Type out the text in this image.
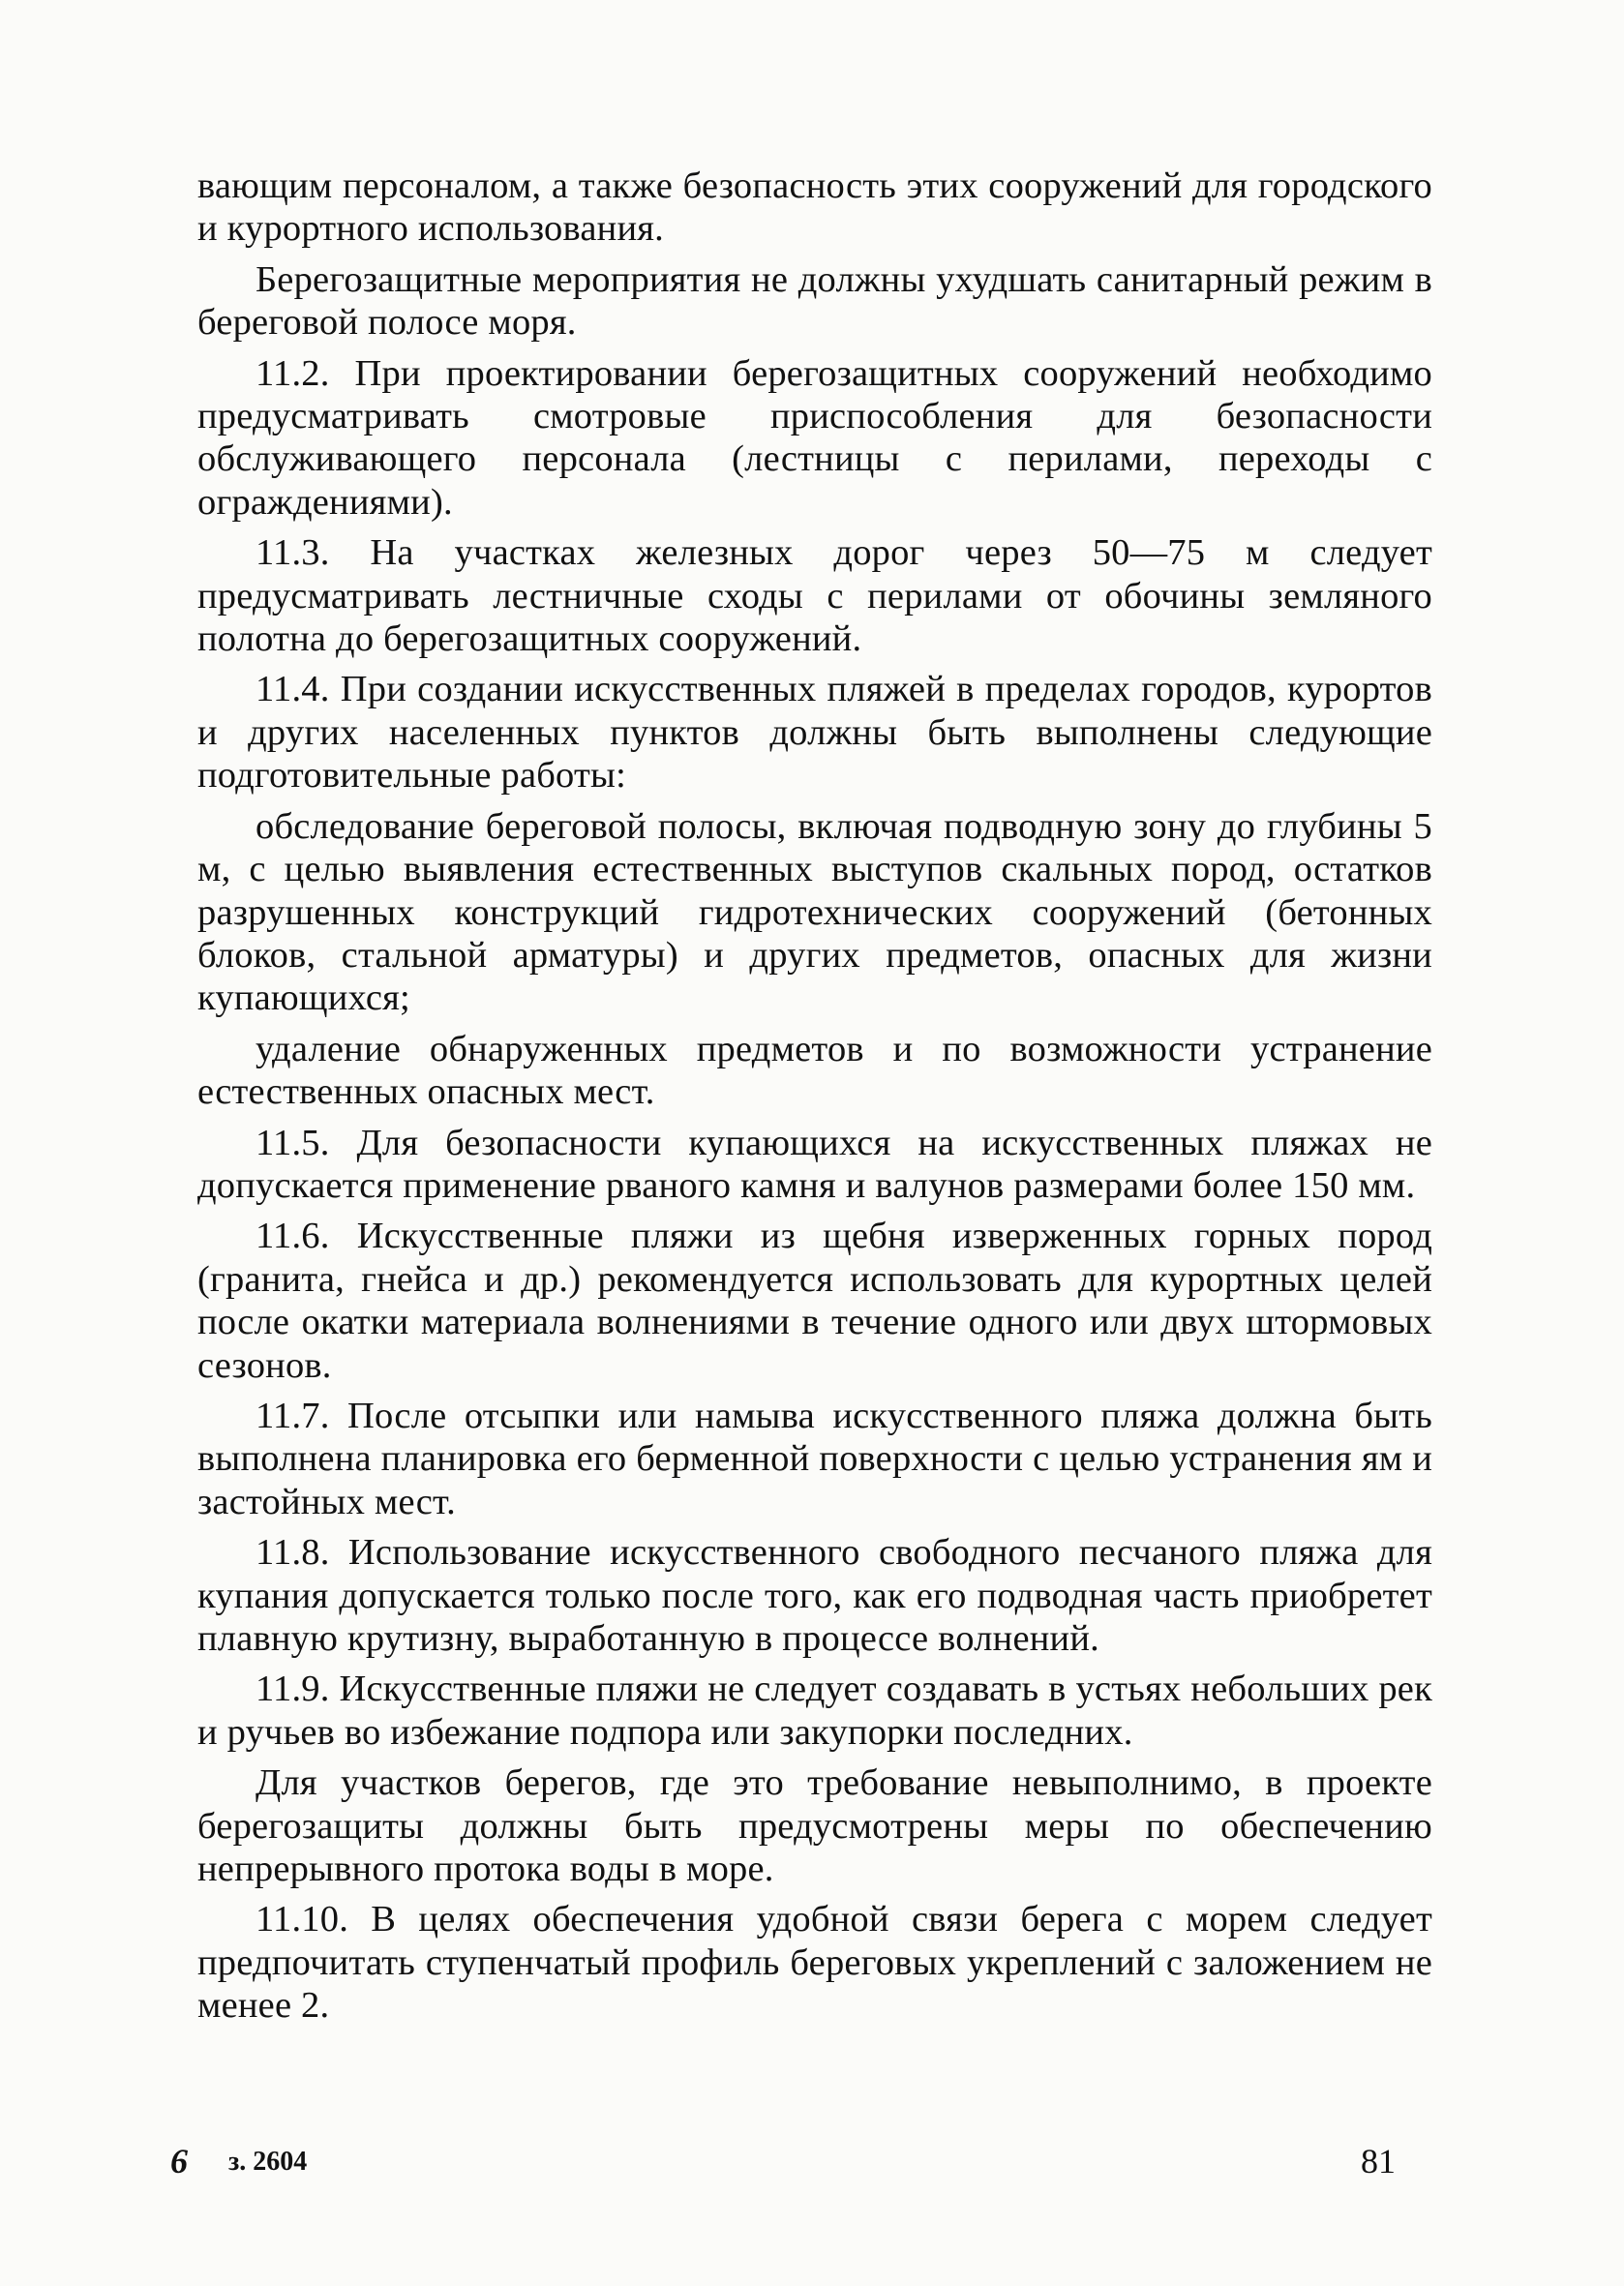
вающим персоналом, а также безопасность этих сооружений для городского и курортного использования.

Берегозащитные мероприятия не должны ухудшать санитарный режим в береговой полосе моря.

11.2. При проектировании берегозащитных сооружений необходимо предусматривать смотровые приспособления для безопасности обслуживающего персонала (лестницы с перилами, переходы с ограждениями).

11.3. На участках железных дорог через 50—75 м следует предусматривать лестничные сходы с перилами от обочины земляного полотна до берегозащитных сооружений.

11.4. При создании искусственных пляжей в пределах городов, курортов и других населенных пунктов должны быть выполнены следующие подготовительные работы:

обследование береговой полосы, включая подводную зону до глубины 5 м, с целью выявления естественных выступов скальных пород, остатков разрушенных конструкций гидротехнических сооружений (бетонных блоков, стальной арматуры) и других предметов, опасных для жизни купающихся;

удаление обнаруженных предметов и по возможности устранение естественных опасных мест.

11.5. Для безопасности купающихся на искусственных пляжах не допускается применение рваного камня и валунов размерами более 150 мм.

11.6. Искусственные пляжи из щебня изверженных горных пород (гранита, гнейса и др.) рекомендуется использовать для курортных целей после окатки материала волнениями в течение одного или двух штормовых сезонов.

11.7. После отсыпки или намыва искусственного пляжа должна быть выполнена планировка его берменной поверхности с целью устранения ям и застойных мест.

11.8. Использование искусственного свободного песчаного пляжа для купания допускается только после того, как его подводная часть приобретет плавную крутизну, выработанную в процессе волнений.

11.9. Искусственные пляжи не следует создавать в устьях небольших рек и ручьев во избежание подпора или закупорки последних.

Для участков берегов, где это требование невыполнимо, в проекте берегозащиты должны быть предусмотрены меры по обеспечению непрерывного протока воды в море.

11.10. В целях обеспечения удобной связи берега с морем следует предпочитать ступенчатый профиль береговых укреплений с заложением не менее 2.

6 з. 2604	81
